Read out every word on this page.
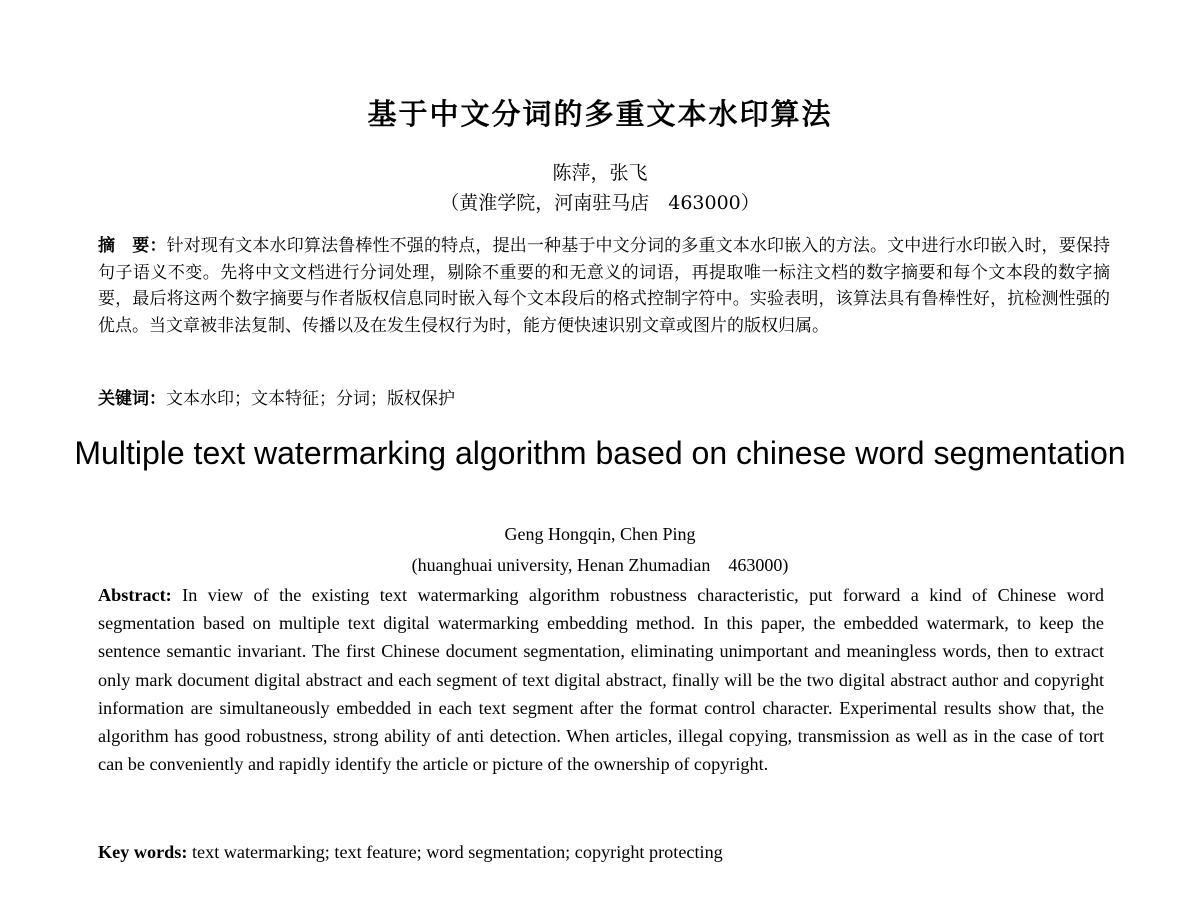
基于中文分词的多重文本水印算法
陈萍，张飞
（黄淮学院，河南驻马店　463000）
摘　要：针对现有文本水印算法鲁棒性不强的特点，提出一种基于中文分词的多重文本水印嵌入的方法。文中进行水印嵌入时，要保持句子语义不变。先将中文文档进行分词处理，剔除不重要的和无意义的词语，再提取唯一标注文档的数字摘要和每个文本段的数字摘要，最后将这两个数字摘要与作者版权信息同时嵌入每个文本段后的格式控制字符中。实验表明，该算法具有鲁棒性好，抗检测性强的优点。当文章被非法复制、传播以及在发生侵权行为时，能方便快速识别文章或图片的版权归属。
关键词：文本水印；文本特征；分词；版权保护
Multiple text watermarking algorithm based on chinese word segmentation
Geng Hongqin, Chen Ping
(huanghuai university, Henan Zhumadian　463000)
Abstract: In view of the existing text watermarking algorithm robustness characteristic, put forward a kind of Chinese word segmentation based on multiple text digital watermarking embedding method. In this paper, the embedded watermark, to keep the sentence semantic invariant. The first Chinese document segmentation, eliminating unimportant and meaningless words, then to extract only mark document digital abstract and each segment of text digital abstract, finally will be the two digital abstract author and copyright information are simultaneously embedded in each text segment after the format control character. Experimental results show that, the algorithm has good robustness, strong ability of anti detection. When articles, illegal copying, transmission as well as in the case of tort can be conveniently and rapidly identify the article or picture of the ownership of copyright.
Key words: text watermarking; text feature; word segmentation; copyright protecting
